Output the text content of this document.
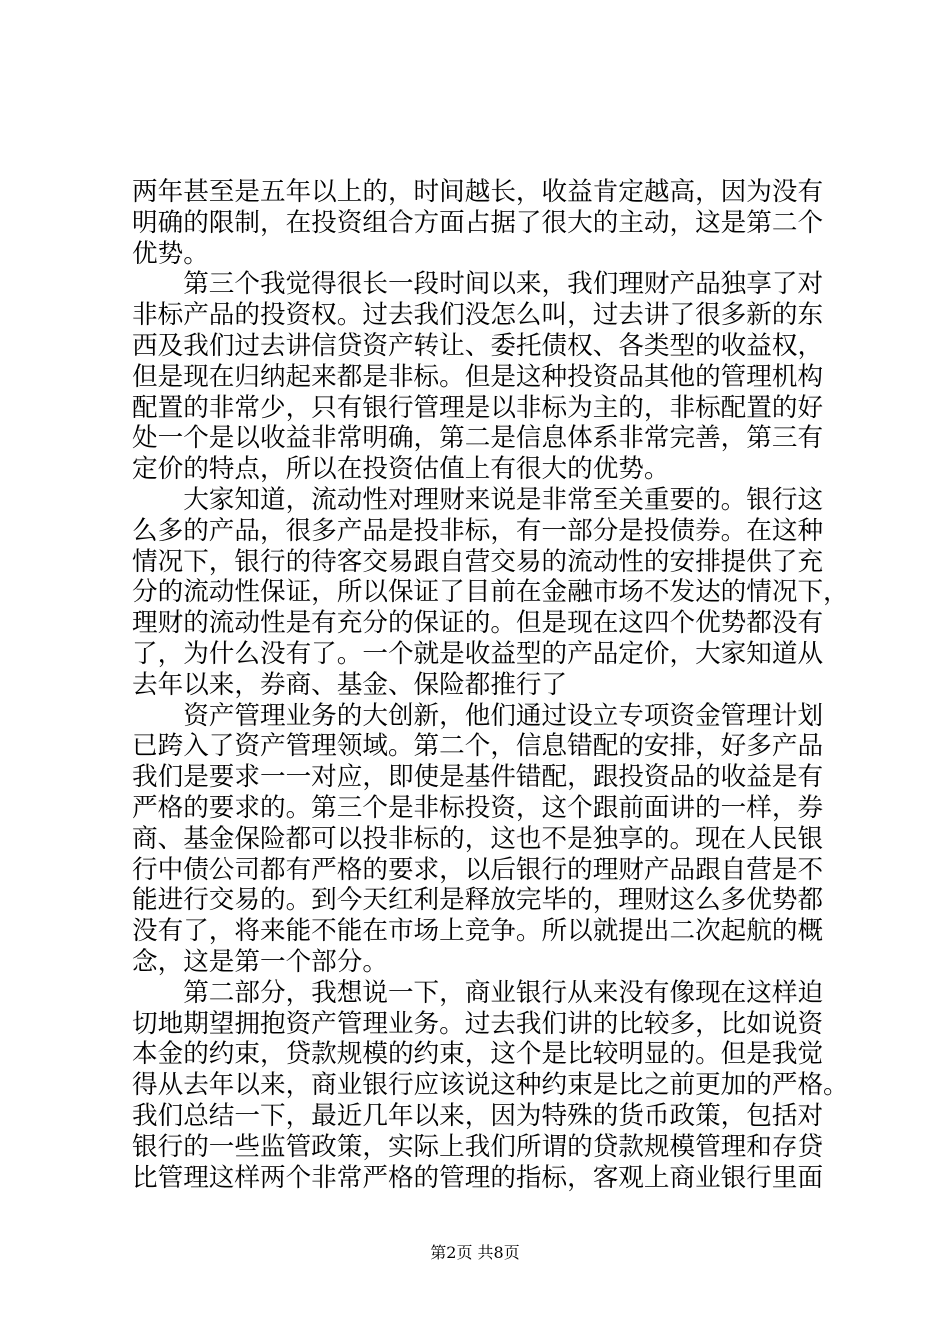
两年甚至是五年以上的，时间越长，收益肯定越高，因为没有
明确的限制，在投资组合方面占据了很大的主动，这是第二个
优势。
　　第三个我觉得很长一段时间以来，我们理财产品独享了对
非标产品的投资权。过去我们没怎么叫，过去讲了很多新的东
西及我们过去讲信贷资产转让、委托债权、各类型的收益权，
但是现在归纳起来都是非标。但是这种投资品其他的管理机构
配置的非常少，只有银行管理是以非标为主的，非标配置的好
处一个是以收益非常明确，第二是信息体系非常完善，第三有
定价的特点，所以在投资估值上有很大的优势。
　　大家知道，流动性对理财来说是非常至关重要的。银行这
么多的产品，很多产品是投非标，有一部分是投债券。在这种
情况下，银行的待客交易跟自营交易的流动性的安排提供了充
分的流动性保证，所以保证了目前在金融市场不发达的情况下，
理财的流动性是有充分的保证的。但是现在这四个优势都没有
了，为什么没有了。一个就是收益型的产品定价，大家知道从
去年以来，券商、基金、保险都推行了
　　资产管理业务的大创新，他们通过设立专项资金管理计划
已跨入了资产管理领域。第二个，信息错配的安排，好多产品
我们是要求一一对应，即使是基件错配，跟投资品的收益是有
严格的要求的。第三个是非标投资，这个跟前面讲的一样，券
商、基金保险都可以投非标的，这也不是独享的。现在人民银
行中债公司都有严格的要求，以后银行的理财产品跟自营是不
能进行交易的。到今天红利是释放完毕的，理财这么多优势都
没有了，将来能不能在市场上竞争。所以就提出二次起航的概
念，这是第一个部分。
　　第二部分，我想说一下，商业银行从来没有像现在这样迫
切地期望拥抱资产管理业务。过去我们讲的比较多，比如说资
本金的约束，贷款规模的约束，这个是比较明显的。但是我觉
得从去年以来，商业银行应该说这种约束是比之前更加的严格。
我们总结一下，最近几年以来，因为特殊的货币政策，包括对
银行的一些监管政策，实际上我们所谓的贷款规模管理和存贷
比管理这样两个非常严格的管理的指标，客观上商业银行里面
第2页 共8页
